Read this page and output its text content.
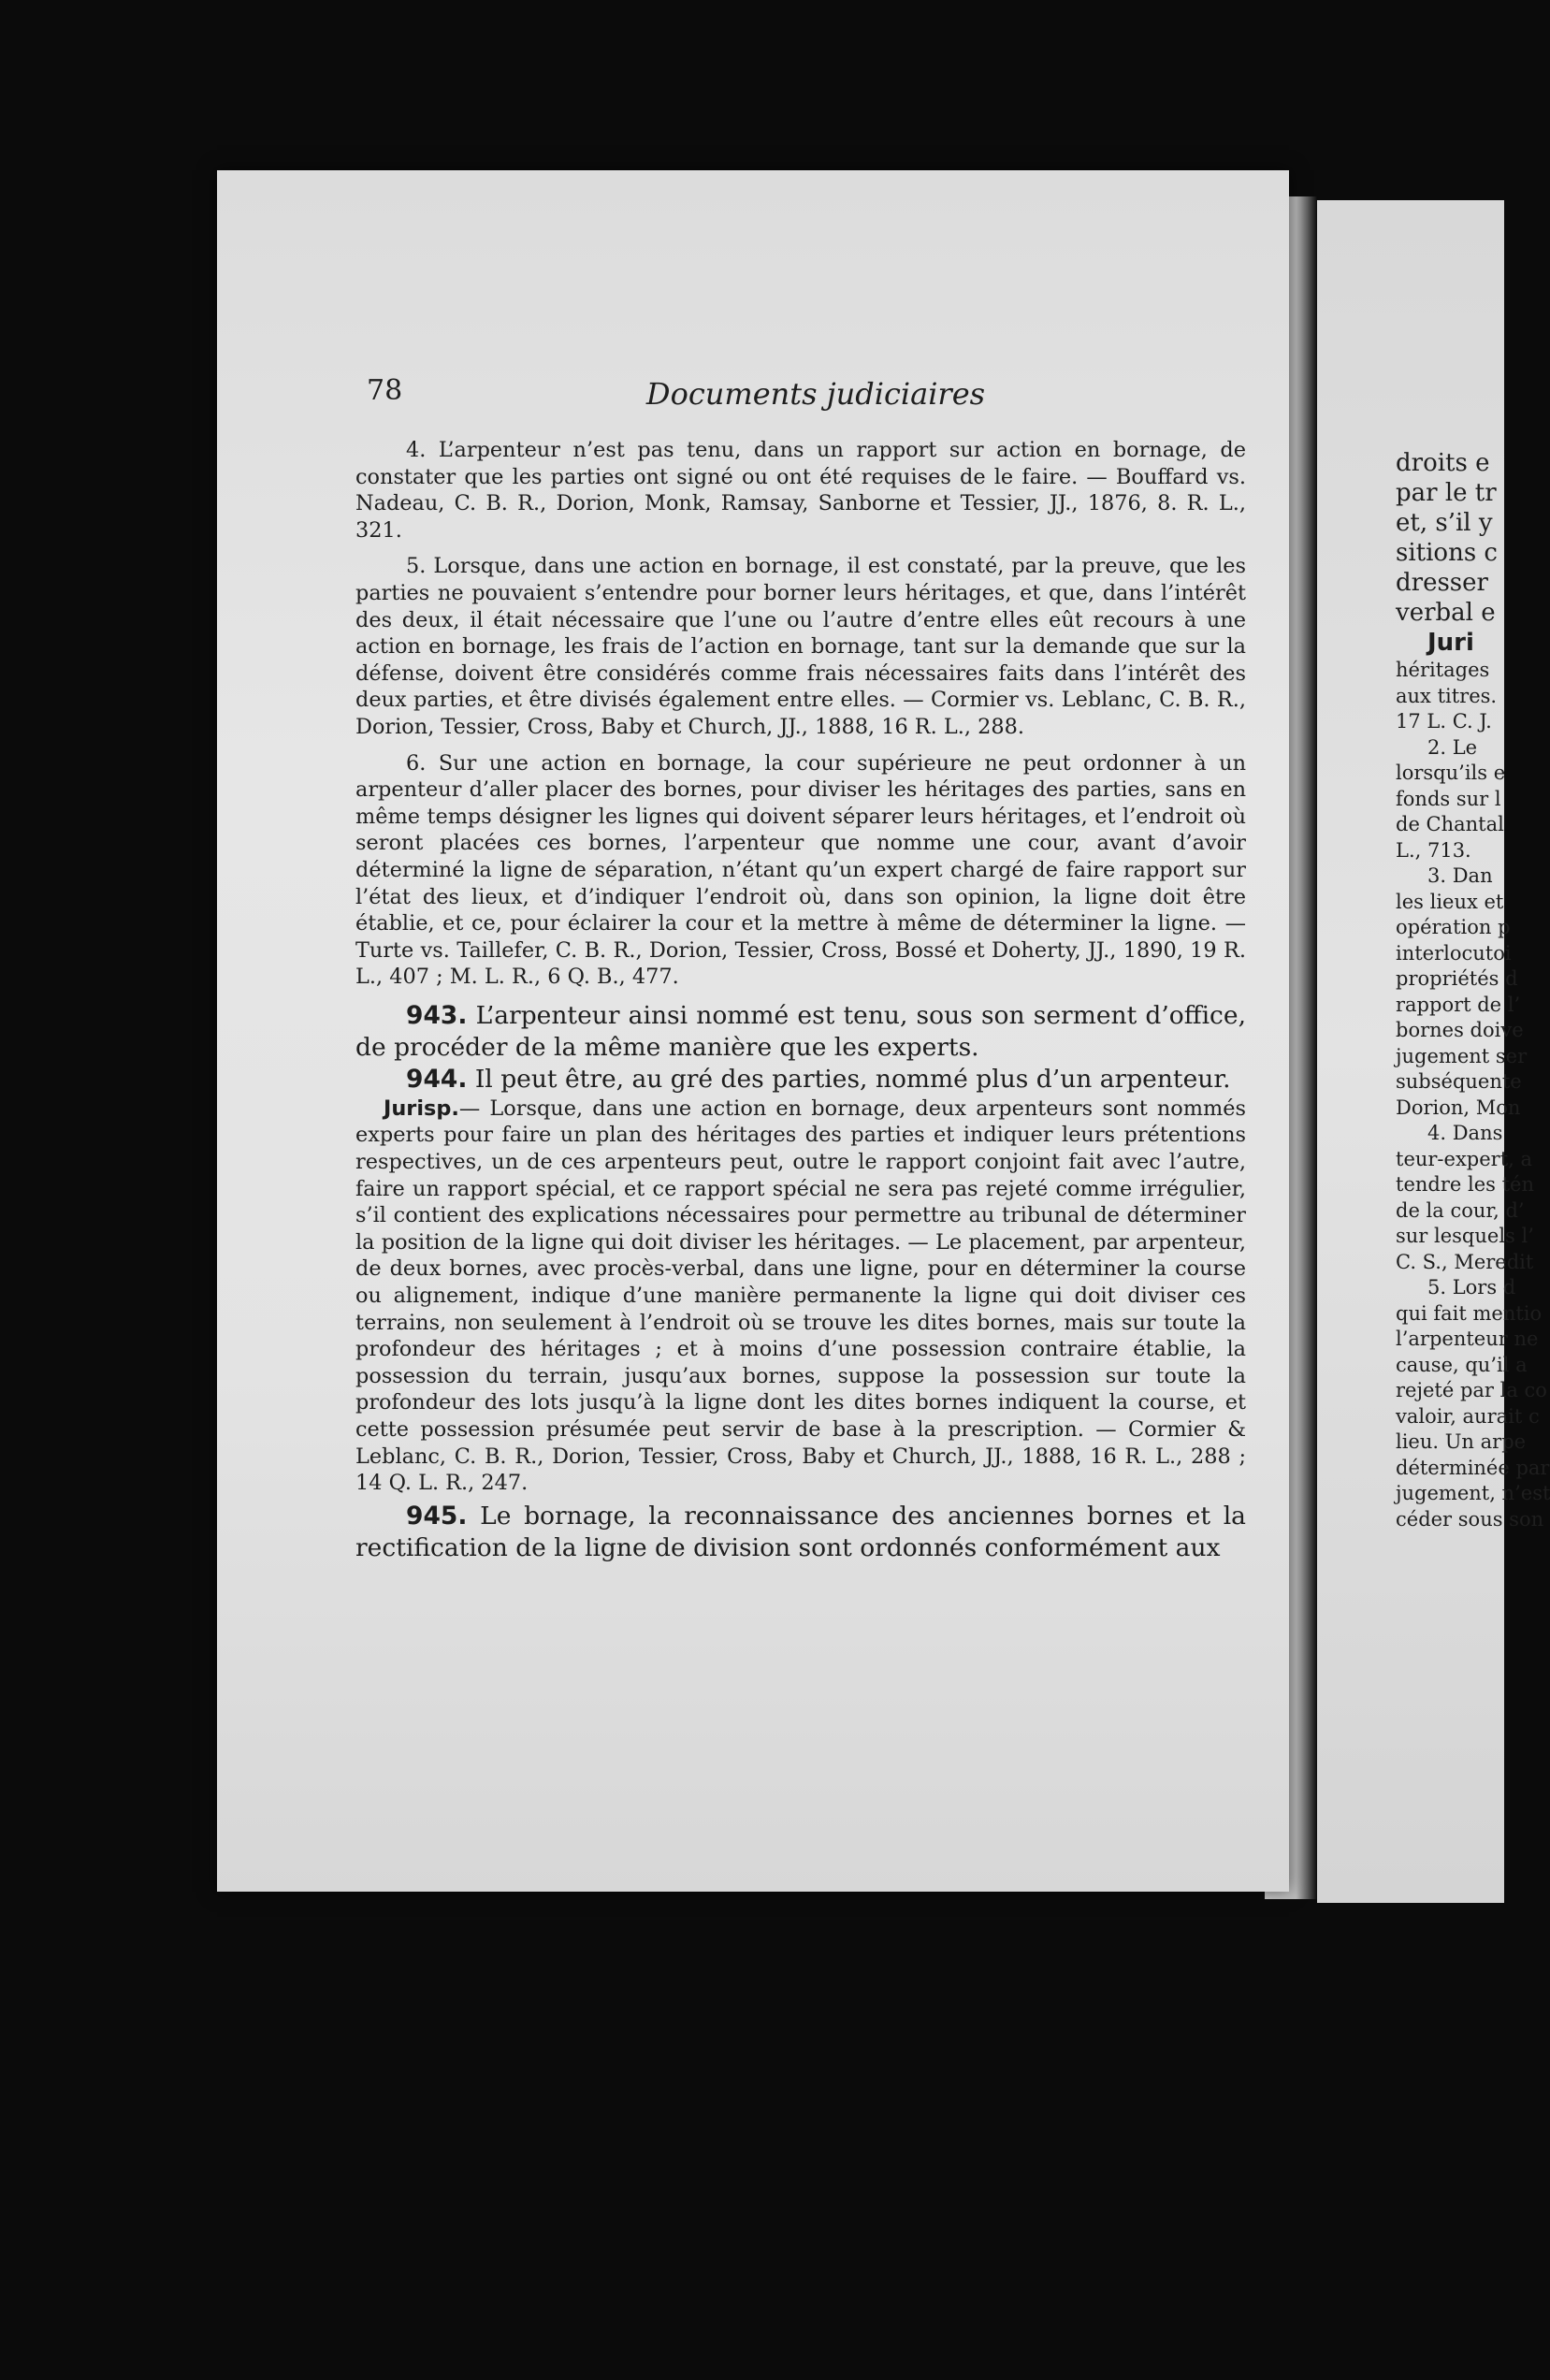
78	Documents judiciaires

4. L’arpenteur n’est pas tenu, dans un rapport sur action en bornage, de constater que les parties ont signé ou ont été requises de le faire. — Bouffard vs. Nadeau, C. B. R., Dorion, Monk, Ramsay, Sanborne et Tessier, JJ., 1876, 8. R. L., 321.

5. Lorsque, dans une action en bornage, il est constaté, par la preuve, que les parties ne pouvaient s’entendre pour borner leurs héritages, et que, dans l’intérêt des deux, il était nécessaire que l’une ou l’autre d’entre elles eût recours à une action en bornage, les frais de l’action en bornage, tant sur la demande que sur la défense, doivent être considérés comme frais nécessaires faits dans l’intérêt des deux parties, et être divisés également entre elles. — Cormier vs. Leblanc, C. B. R., Dorion, Tessier, Cross, Baby et Church, JJ., 1888, 16 R. L., 288.

6. Sur une action en bornage, la cour supérieure ne peut ordonner à un arpenteur d’aller placer des bornes, pour diviser les héritages des parties, sans en même temps désigner les lignes qui doivent séparer leurs héritages, et l’endroit où seront placées ces bornes, l’arpenteur que nomme une cour, avant d’avoir déterminé la ligne de séparation, n’étant qu’un expert chargé de faire rapport sur l’état des lieux, et d’indiquer l’endroit où, dans son opinion, la ligne doit être établie, et ce, pour éclairer la cour et la mettre à même de déterminer la ligne. — Turte vs. Taillefer, C. B. R., Dorion, Tessier, Cross, Bossé et Doherty, JJ., 1890, 19 R. L., 407 ; M. L. R., 6 Q. B., 477.

943. L’arpenteur ainsi nommé est tenu, sous son serment d’office, de procéder de la même manière que les experts.

944. Il peut être, au gré des parties, nommé plus d’un arpenteur.

Jurisp.— Lorsque, dans une action en bornage, deux arpenteurs sont nommés experts pour faire un plan des héritages des parties et indiquer leurs prétentions respectives, un de ces arpenteurs peut, outre le rapport conjoint fait avec l’autre, faire un rapport spécial, et ce rapport spécial ne sera pas rejeté comme irrégulier, s’il contient des explications nécessaires pour permettre au tribunal de déterminer la position de la ligne qui doit diviser les héritages. — Le placement, par arpenteur, de deux bornes, avec procès-verbal, dans une ligne, pour en déterminer la course ou alignement, indique d’une manière permanente la ligne qui doit diviser ces terrains, non seulement à l’endroit où se trouve les dites bornes, mais sur toute la profondeur des héritages ; et à moins d’une possession contraire établie, la possession du terrain, jusqu’aux bornes, suppose la possession sur toute la profondeur des lots jusqu’à la ligne dont les dites bornes indiquent la course, et cette possession présumée peut servir de base à la prescription. — Cormier & Leblanc, C. B. R., Dorion, Tessier, Cross, Baby et Church, JJ., 1888, 16 R. L., 288 ; 14 Q. L. R., 247.

945. Le bornage, la reconnaissance des anciennes bornes et la rectification de la ligne de division sont ordonnés conformément aux

droits e

par le tr

et, s’il y

sitions c

dresser

verbal e

Juri

héritages

aux titres.

17 L. C. J.

2. Le

lorsqu’ils e

fonds sur l

de Chantal

L., 713.

3. Dan

les lieux et

opération p

interlocutoi

propriétés d

rapport de l’

bornes doive

jugement ser

subséquente

Dorion, Mon

4. Dans

teur-expert, a

tendre les tén

de la cour, d’

sur lesquels l’

C. S., Meredit

5. Lors d

qui fait mentio

l’arpenteur ne

cause, qu’il a

rejeté par la co

valoir, aurait c

lieu. Un arpe

déterminée par

jugement, n’est

céder sous son
